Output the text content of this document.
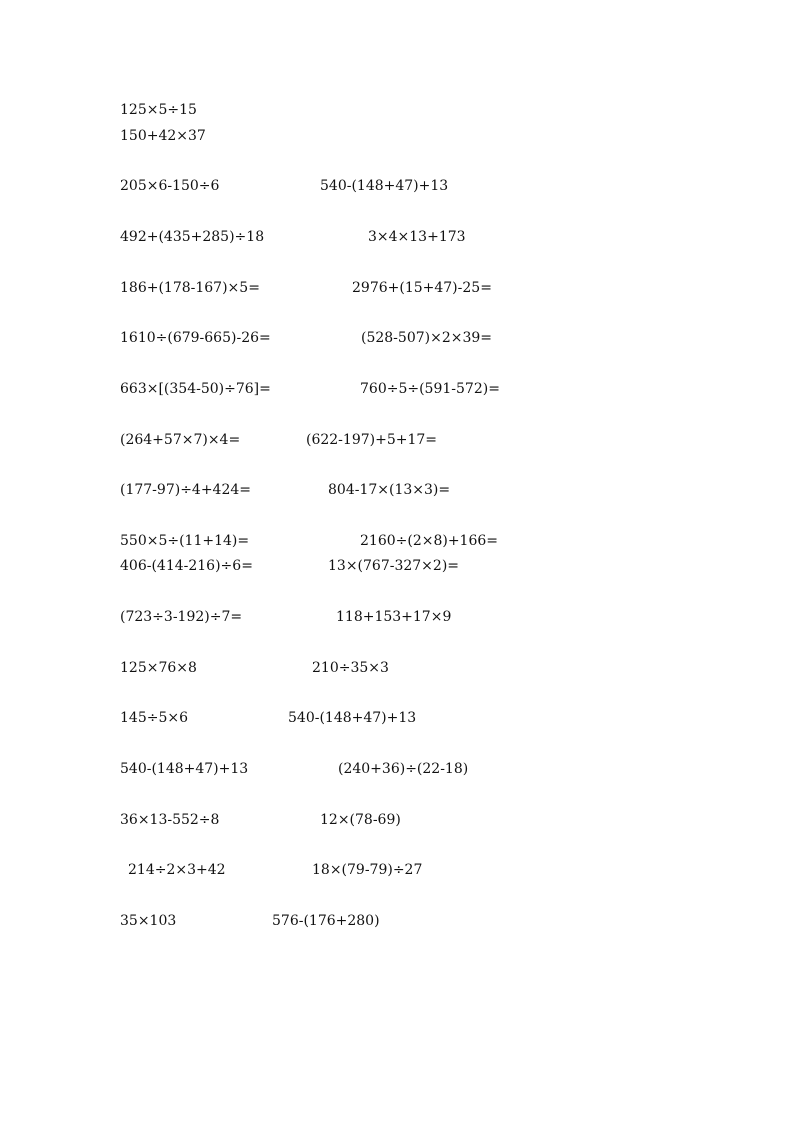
125×5÷15
150+42×37
205×6-150÷6	540-(148+47)+13
492+(435+285)÷18	3×4×13+173
186+(178-167)×5=	2976+(15+47)-25=
1610÷(679-665)-26=	(528-507)×2×39=
663×[(354-50)÷76]=	760÷5÷(591-572)=
(264+57×7)×4=	(622-197)+5+17=
(177-97)÷4+424=	804-17×(13×3)=
550×5÷(11+14)=	2160÷(2×8)+166=
406-(414-216)÷6=	13×(767-327×2)=
(723÷3-192)÷7=	118+153+17×9
125×76×8	210÷35×3
145÷5×6	540-(148+47)+13
540-(148+47)+13	(240+36)÷(22-18)
36×13-552÷8	12×(78-69)
214÷2×3+42	18×(79-79)÷27
35×103	576-(176+280)
